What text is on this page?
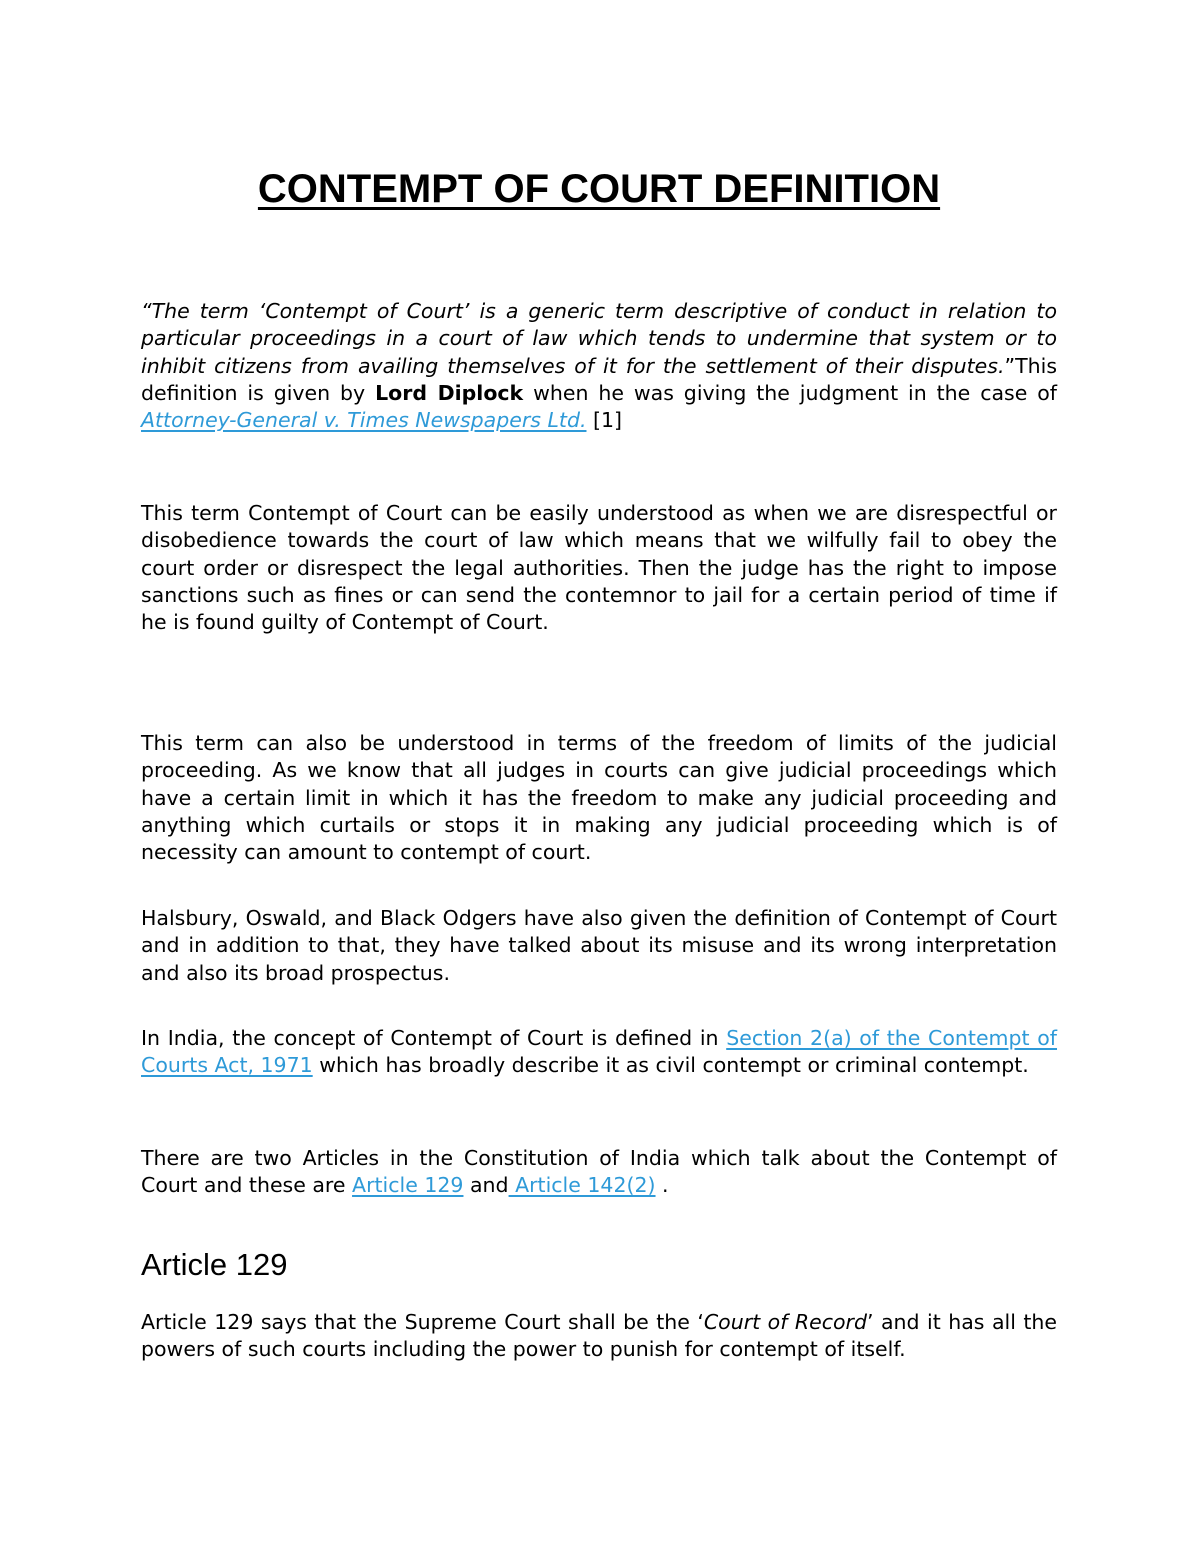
CONTEMPT OF COURT DEFINITION

“The term ‘Contempt of Court’ is a generic term descriptive of conduct in relation to particular proceedings in a court of law which tends to undermine that system or to inhibit citizens from availing themselves of it for the settlement of their disputes.”This definition is given by Lord Diplock when he was giving the judgment in the case of Attorney-General v. Times Newspapers Ltd. [1]

This term Contempt of Court can be easily understood as when we are disrespectful or disobedience towards the court of law which means that we wilfully fail to obey the court order or disrespect the legal authorities. Then the judge has the right to impose sanctions such as fines or can send the contemnor to jail for a certain period of time if he is found guilty of Contempt of Court.

This term can also be understood in terms of the freedom of limits of the judicial proceeding. As we know that all judges in courts can give judicial proceedings which have a certain limit in which it has the freedom to make any judicial proceeding and anything which curtails or stops it in making any judicial proceeding which is of necessity can amount to contempt of court.

Halsbury, Oswald, and Black Odgers have also given the definition of Contempt of Court and in addition to that, they have talked about its misuse and its wrong interpretation and also its broad prospectus.

In India, the concept of Contempt of Court is defined in Section 2(a) of the Contempt of Courts Act, 1971 which has broadly describe it as civil contempt or criminal contempt.

There are two Articles in the Constitution of India which talk about the Contempt of Court and these are Article 129 and Article 142(2) .

Article 129

Article 129 says that the Supreme Court shall be the ‘Court of Record’ and it has all the powers of such courts including the power to punish for contempt of itself.
